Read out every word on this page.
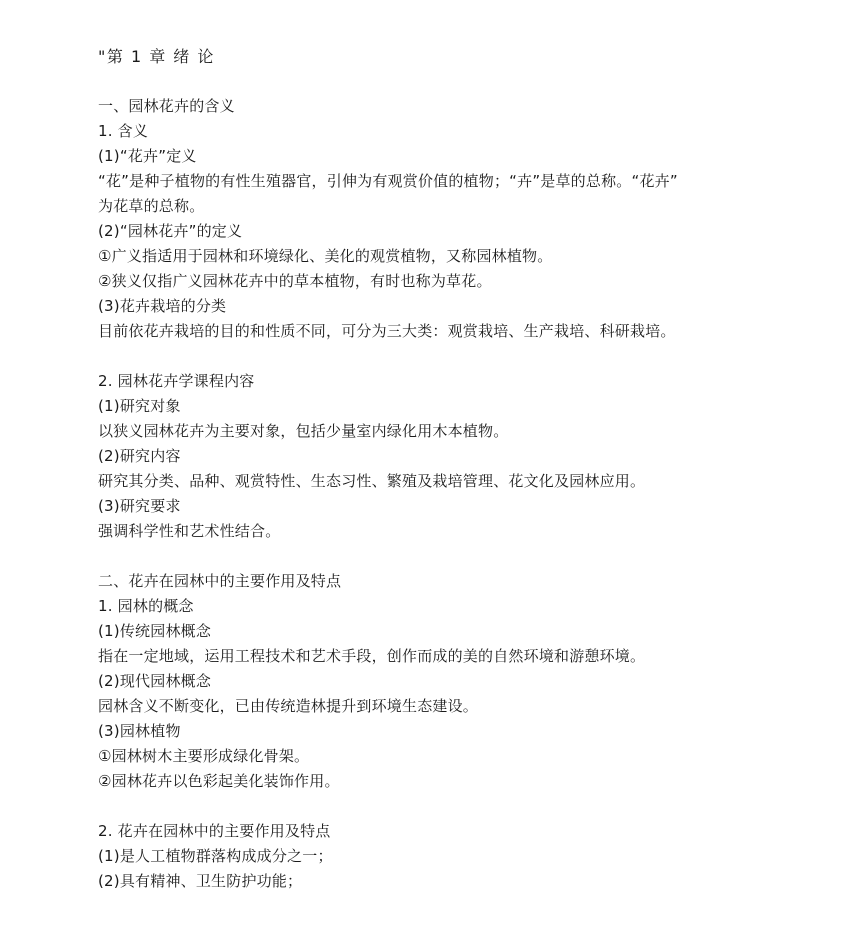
"第 1 章 绪 论
一、园林花卉的含义
1. 含义
(1)“花卉”定义
“花”是种子植物的有性生殖器官，引伸为有观赏价值的植物；“卉”是草的总称。“花卉”
为花草的总称。
(2)“园林花卉”的定义
①广义指适用于园林和环境绿化、美化的观赏植物，又称园林植物。
②狭义仅指广义园林花卉中的草本植物，有时也称为草花。
(3)花卉栽培的分类
目前依花卉栽培的目的和性质不同，可分为三大类：观赏栽培、生产栽培、科研栽培。
2. 园林花卉学课程内容
(1)研究对象
以狭义园林花卉为主要对象，包括少量室内绿化用木本植物。
(2)研究内容
研究其分类、品种、观赏特性、生态习性、繁殖及栽培管理、花文化及园林应用。
(3)研究要求
强调科学性和艺术性结合。
二、花卉在园林中的主要作用及特点
1. 园林的概念
(1)传统园林概念
指在一定地域，运用工程技术和艺术手段，创作而成的美的自然环境和游憩环境。
(2)现代园林概念
园林含义不断变化，已由传统造林提升到环境生态建设。
(3)园林植物
①园林树木主要形成绿化骨架。
②园林花卉以色彩起美化装饰作用。
2. 花卉在园林中的主要作用及特点
(1)是人工植物群落构成成分之一；
(2)具有精神、卫生防护功能；
